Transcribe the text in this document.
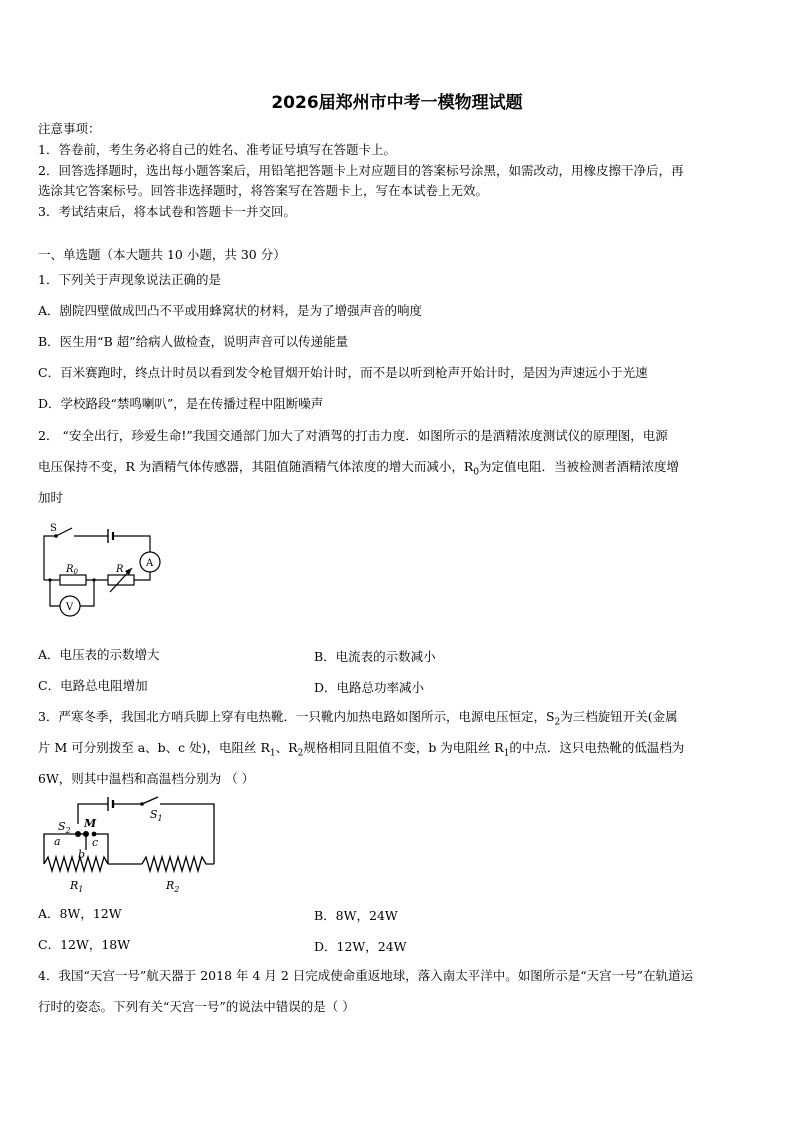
2026届郑州市中考一模物理试题
注意事项：
1．答卷前，考生务必将自己的姓名、准考证号填写在答题卡上。
2．回答选择题时，选出每小题答案后，用铅笔把答题卡上对应题目的答案标号涂黑，如需改动，用橡皮擦干净后，再
选涂其它答案标号。回答非选择题时，将答案写在答题卡上，写在本试卷上无效。
3．考试结束后，将本试卷和答题卡一并交回。
一、单选题（本大题共 10 小题，共 30 分）
1．下列关于声现象说法正确的是
A．剧院四壁做成凹凸不平或用蜂窝状的材料，是为了增强声音的响度
B．医生用“B 超”给病人做检查，说明声音可以传递能量
C．百米赛跑时，终点计时员以看到发令枪冒烟开始计时，而不是以听到枪声开始计时，是因为声速远小于光速
D．学校路段“禁鸣喇叭”，是在传播过程中阻断噪声
2． “安全出行，珍爱生命!”我国交通部门加大了对酒驾的打击力度．如图所示的是酒精浓度测试仪的原理图，电源
电压保持不变，R 为酒精气体传感器，其阻值随酒精气体浓度的增大而减小，$R_0$为定值电阻．当被检测者酒精浓度增
加时
S
A
V
$R_0$	R
A．电压表的示数增大	B．电流表的示数减小
C．电路总电阻增加	D．电路总功率减小
3．严寒冬季，我国北方哨兵脚上穿有电热靴．一只靴内加热电路如图所示，电源电压恒定，$S_2$为三档旋钮开关(金属
片 M 可分别拨至 a、b、c 处)，电阻丝 $R_1$、$R_2$规格相同且阻值不变，b 为电阻丝 $R_1$的中点．这只电热靴的低温档为
6W，则其中温档和高温档分别为 （ ）
$S_2$
$S_1$
M
a
b
c
$R_1$	$R_2$
A．8W，12W	B．8W，24W
C．12W，18W	D．12W，24W
4．我国“天宫一号”航天器于 2018 年 4 月 2 日完成使命重返地球，落入南太平洋中。如图所示是“天宫一号”在轨道运
行时的姿态。下列有关“天宫一号”的说法中错误的是（ ）
